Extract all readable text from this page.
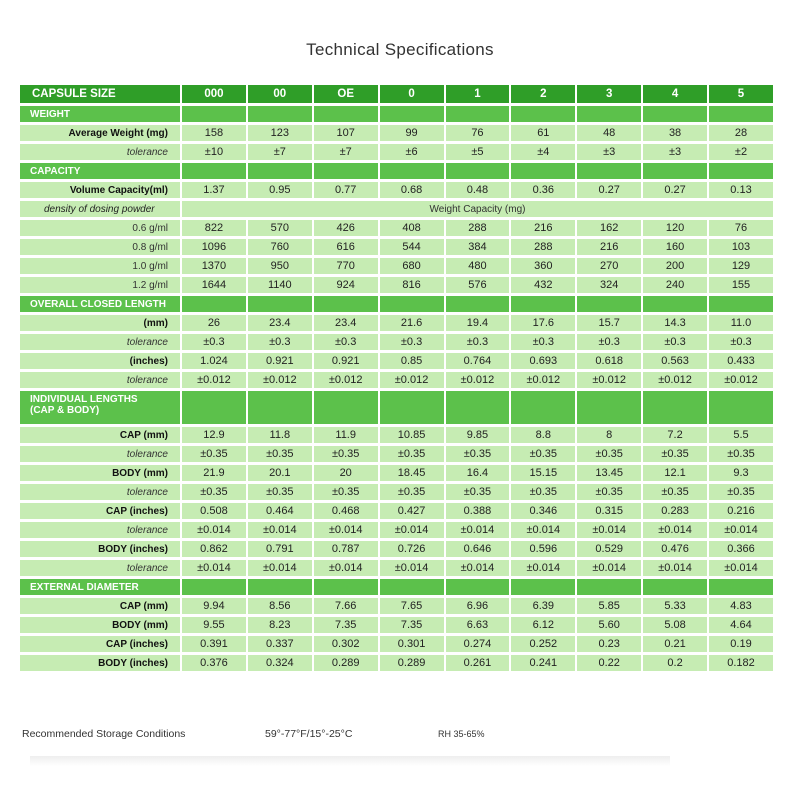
Technical Specifications
CAPSULE SIZE	000	00	OE	0	1	2	3	4	5
WEIGHT									
Average Weight (mg)	158	123	107	99	76	61	48	38	28
tolerance	±10	±7	±7	±6	±5	±4	±3	±3	±2
CAPACITY									
Volume Capacity(ml)	1.37	0.95	0.77	0.68	0.48	0.36	0.27	0.27	0.13
density of dosing powder	Weight Capacity (mg)								
0.6 g/ml	822	570	426	408	288	216	162	120	76
0.8 g/ml	1096	760	616	544	384	288	216	160	103
1.0 g/ml	1370	950	770	680	480	360	270	200	129
1.2 g/ml	1644	1140	924	816	576	432	324	240	155
OVERALL CLOSED LENGTH									
(mm)	26	23.4	23.4	21.6	19.4	17.6	15.7	14.3	11.0
tolerance	±0.3	±0.3	±0.3	±0.3	±0.3	±0.3	±0.3	±0.3	±0.3
(inches)	1.024	0.921	0.921	0.85	0.764	0.693	0.618	0.563	0.433
tolerance	±0.012	±0.012	±0.012	±0.012	±0.012	±0.012	±0.012	±0.012	±0.012
INDIVIDUAL LENGTHS
(CAP & BODY)									
CAP (mm)	12.9	11.8	11.9	10.85	9.85	8.8	8	7.2	5.5
tolerance	±0.35	±0.35	±0.35	±0.35	±0.35	±0.35	±0.35	±0.35	±0.35
BODY (mm)	21.9	20.1	20	18.45	16.4	15.15	13.45	12.1	9.3
tolerance	±0.35	±0.35	±0.35	±0.35	±0.35	±0.35	±0.35	±0.35	±0.35
CAP (inches)	0.508	0.464	0.468	0.427	0.388	0.346	0.315	0.283	0.216
tolerance	±0.014	±0.014	±0.014	±0.014	±0.014	±0.014	±0.014	±0.014	±0.014
BODY (inches)	0.862	0.791	0.787	0.726	0.646	0.596	0.529	0.476	0.366
tolerance	±0.014	±0.014	±0.014	±0.014	±0.014	±0.014	±0.014	±0.014	±0.014
EXTERNAL DIAMETER									
CAP (mm)	9.94	8.56	7.66	7.65	6.96	6.39	5.85	5.33	4.83
BODY (mm)	9.55	8.23	7.35	7.35	6.63	6.12	5.60	5.08	4.64
CAP (inches)	0.391	0.337	0.302	0.301	0.274	0.252	0.23	0.21	0.19
BODY (inches)	0.376	0.324	0.289	0.289	0.261	0.241	0.22	0.2	0.182
Recommended Storage Conditions	59°-77°F/15°-25°C	RH 35-65%
